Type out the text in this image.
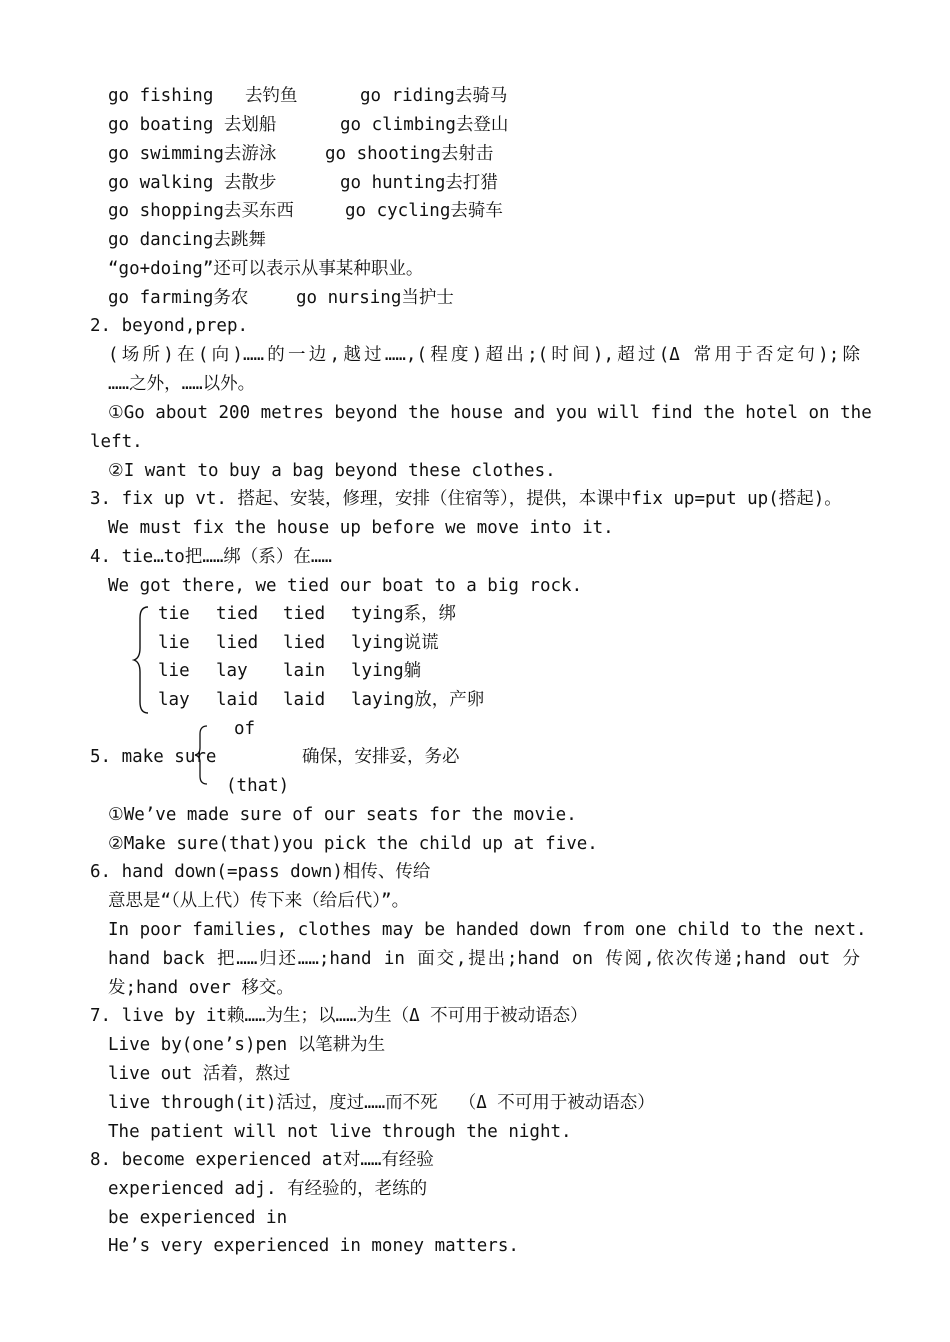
go fishing   去钓鱼	go riding去骑马
go boating 去划船	go climbing去登山
go swimming去游泳	go shooting去射击
go walking 去散步	go hunting去打猎
go shopping去买东西	go cycling去骑车
go dancing去跳舞
“go+doing”还可以表示从事某种职业。
go farming务农	go nursing当护士
2. beyond,prep.
(场所)在(向)……的一边,越过……,(程度)超出;(时间),超过(Δ 常用于否定句);除
……之外，……以外。
①Go about 200 metres beyond the house and you will find the hotel on the
left.
②I want to buy a bag beyond these clothes.
3. fix up vt. 搭起、安装，修理，安排（住宿等），提供，本课中fix up=put up(搭起)。
We must fix the house up before we move into it.
4. tie…to把……绑（系）在……
We got there, we tied our boat to a big rock.
tie tied tied tying系，绑
lie lied lied lying说谎
lie lay lain lying躺
lay laid laid laying放，产卵
of
5. make sure	确保，安排妥，务必
(that)
①We’ve made sure of our seats for the movie.
②Make sure(that)you pick the child up at five.
6. hand down(=pass down)相传、传给
意思是“（从上代）传下来（给后代）”。
In poor families, clothes may be handed down from one child to the next.
hand back 把……归还……;hand in 面交,提出;hand on 传阅,依次传递;hand out 分
发;hand over 移交。
7. live by it赖……为生；以……为生（Δ 不可用于被动语态）
Live by(one’s)pen 以笔耕为生
live out 活着，熬过
live through(it)活过，度过……而不死  （Δ 不可用于被动语态）
The patient will not live through the night.
8. become experienced at对……有经验
experienced adj. 有经验的，老练的
be experienced in
He’s very experienced in money matters.
